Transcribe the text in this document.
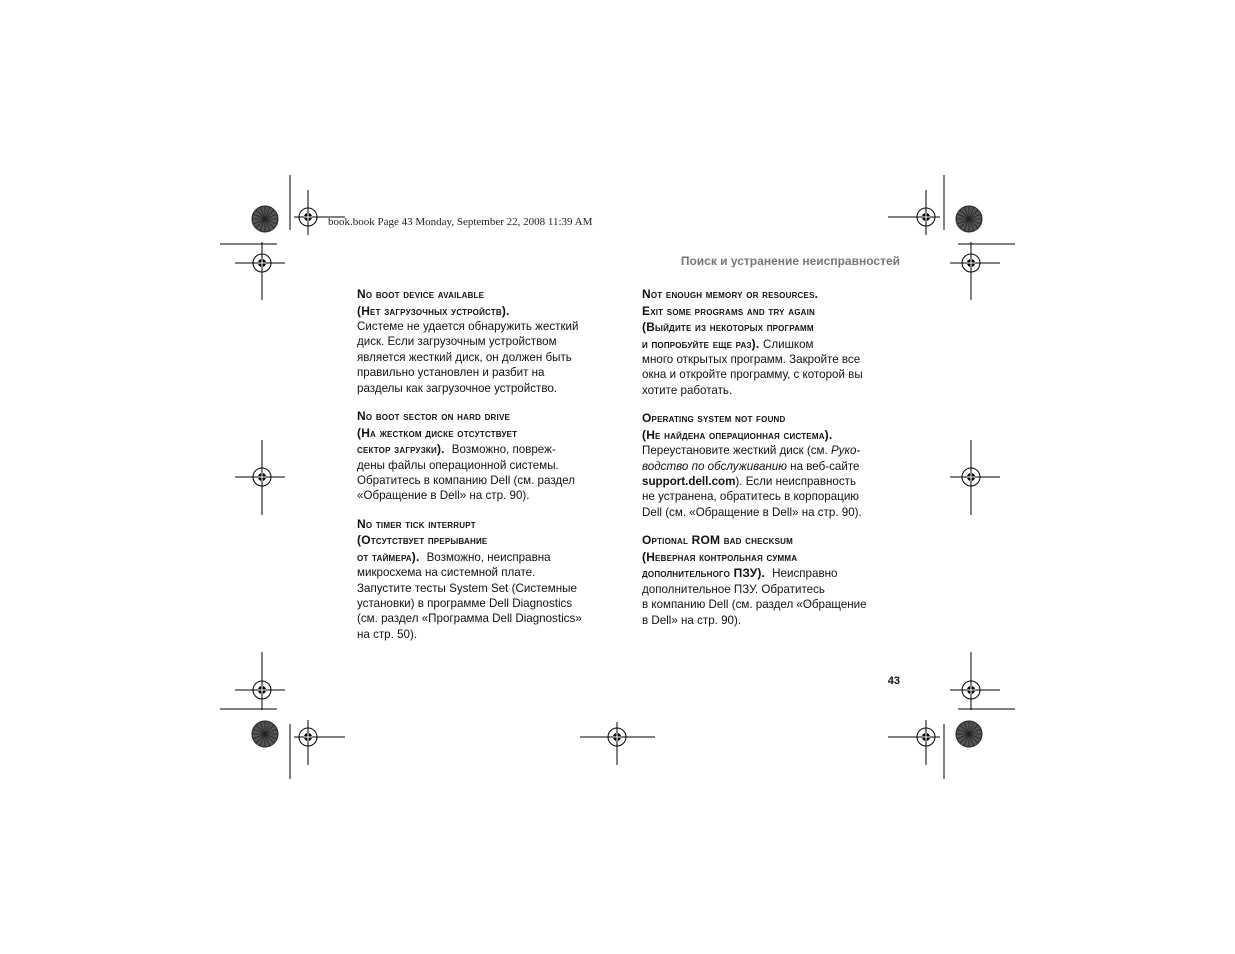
book.book Page 43 Monday, September 22, 2008 11:39 AM
Поиск и устранение неисправностей
43
No boot device available
(Нет загрузочных устройств).
Системе не удается обнаружить жесткий
диск. Если загрузочным устройством
является жесткий диск, он должен быть
правильно установлен и разбит на
разделы как загрузочное устройство.
No boot sector on hard drive
(На жестком диске отсутствует
сектор загрузки). Возможно, повреж-
дены файлы операционной системы.
Обратитесь в компанию Dell (см. раздел
«Обращение в Dell» на стр. 90).
No timer tick interrupt
(Отсутствует прерывание
от таймера). Возможно, неисправна
микросхема на системной плате.
Запустите тесты System Set (Системные
установки) в программе Dell Diagnostics
(см. раздел «Программа Dell Diagnostics»
на стр. 50).
Not enough memory or resources.
Exit some programs and try again
(Выйдите из некоторых программ
и попробуйте еще раз). Слишком
много открытых программ. Закройте все
окна и откройте программу, с которой вы
хотите работать.
Operating system not found
(Не найдена операционная система).
Переустановите жесткий диск (см. Руко-
водство по обслуживанию на веб-сайте
support.dell.com). Если неисправность
не устранена, обратитесь в корпорацию
Dell (см. «Обращение в Dell» на стр. 90).
Optional ROM bad checksum
(Неверная контрольная сумма
дополнительного ПЗУ). Неисправно
дополнительное ПЗУ. Обратитесь
в компанию Dell (см. раздел «Обращение
в Dell» на стр. 90).
